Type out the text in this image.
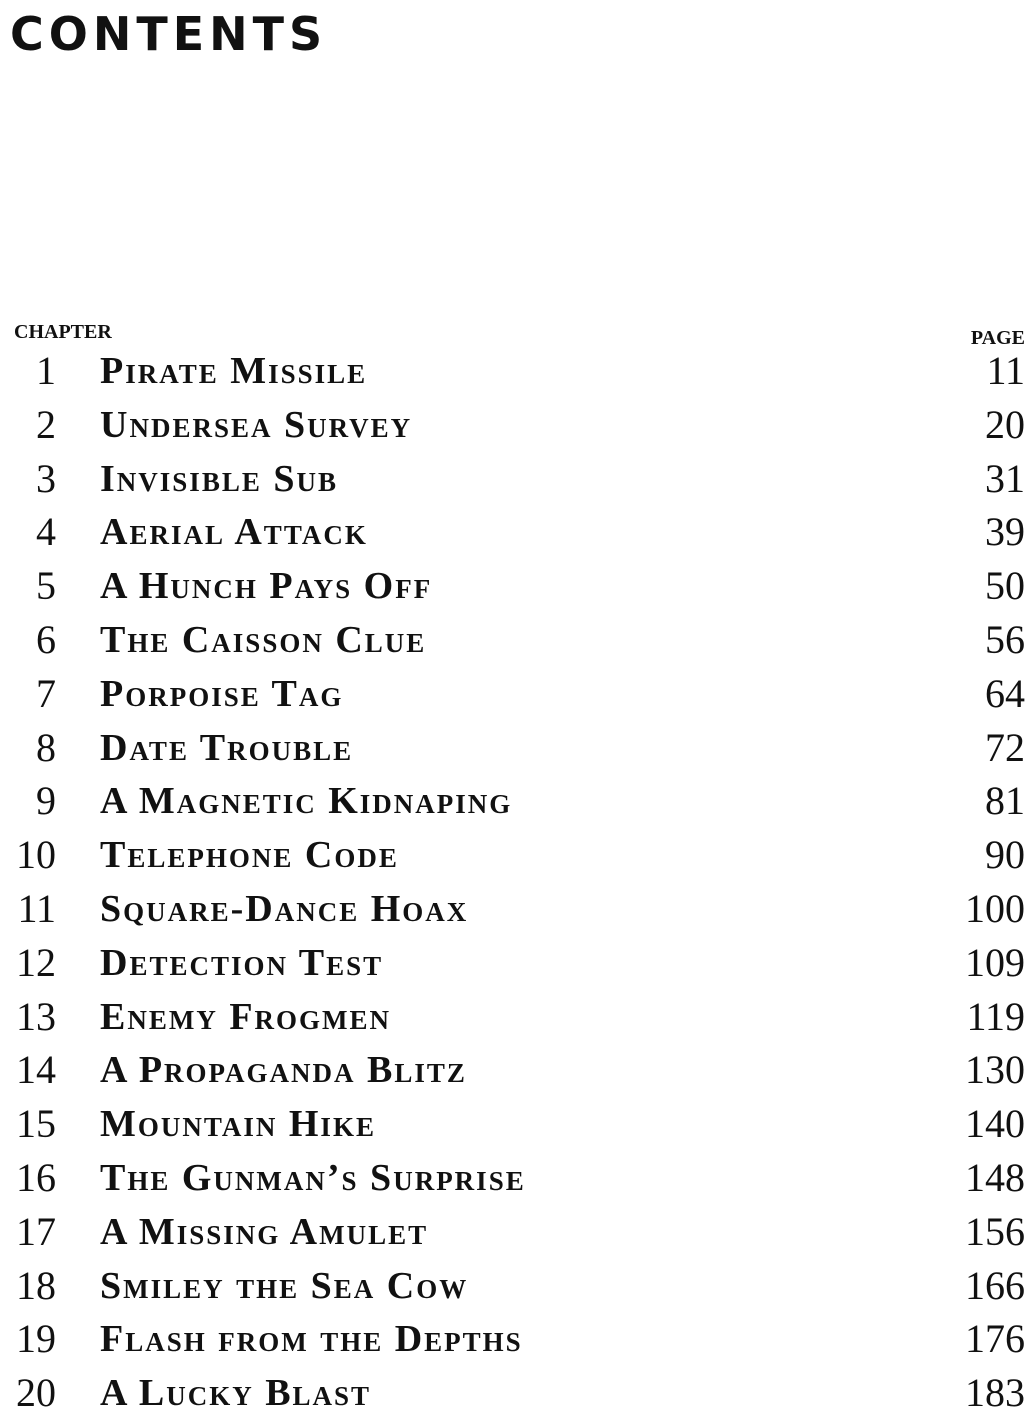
CONTENTS
CHAPTER	PAGE
1 Pirate Missile	11
2 Undersea Survey	20
3 Invisible Sub	31
4 Aerial Attack	39
5 A Hunch Pays Off	50
6 The Caisson Clue	56
7 Porpoise Tag	64
8 Date Trouble	72
9 A Magnetic Kidnaping	81
10 Telephone Code	90
11 Square-Dance Hoax	100
12 Detection Test	109
13 Enemy Frogmen	119
14 A Propaganda Blitz	130
15 Mountain Hike	140
16 The Gunman’s Surprise	148
17 A Missing Amulet	156
18 Smiley the Sea Cow	166
19 Flash from the Depths	176
20 A Lucky Blast	183
